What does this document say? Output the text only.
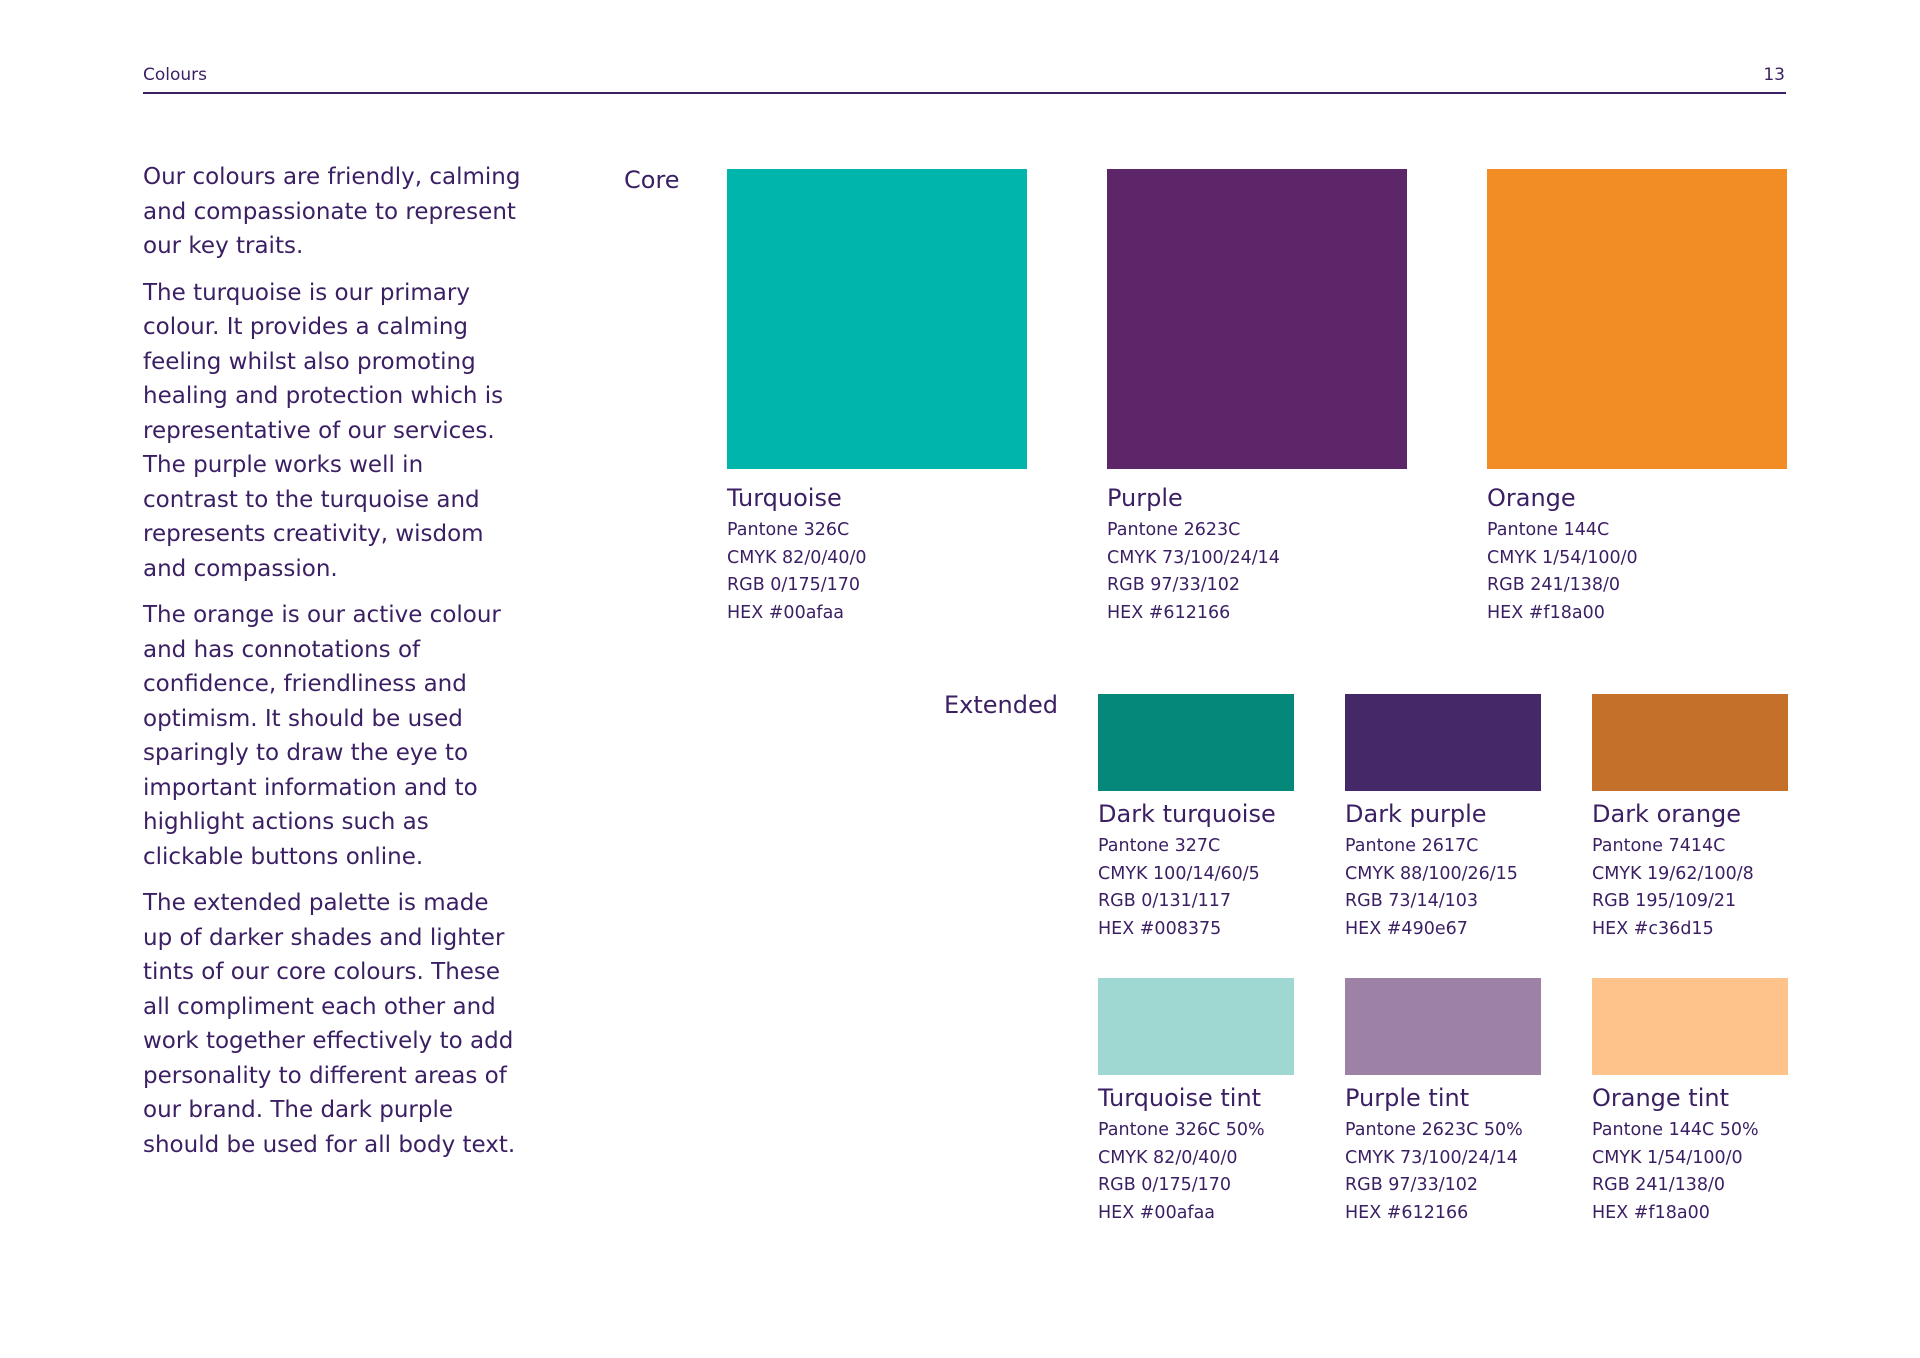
Colours	13

Our colours are friendly, calming and compassionate to represent our key traits.

The turquoise is our primary colour. It provides a calming feeling whilst also promoting healing and protection which is representative of our services. The purple works well in contrast to the turquoise and represents creativity, wisdom and compassion.

The orange is our active colour and has connotations of confidence, friendliness and optimism. It should be used sparingly to draw the eye to important information and to highlight actions such as clickable buttons online.

The extended palette is made up of darker shades and lighter tints of our core colours. These all compliment each other and work together effectively to add personality to different areas of our brand. The dark purple should be used for all body text.

Core
Extended
Turquoise
Pantone 326C
CMYK 82/0/40/0
RGB 0/175/170
HEX #00afaa
Purple
Pantone 2623C
CMYK 73/100/24/14
RGB 97/33/102
HEX #612166
Orange
Pantone 144C
CMYK 1/54/100/0
RGB 241/138/0
HEX #f18a00
Dark turquoise
Pantone 327C
CMYK 100/14/60/5
RGB 0/131/117
HEX #008375
Dark purple
Pantone 2617C
CMYK 88/100/26/15
RGB 73/14/103
HEX #490e67
Dark orange
Pantone 7414C
CMYK 19/62/100/8
RGB 195/109/21
HEX #c36d15
Turquoise tint
Pantone 326C 50%
CMYK 82/0/40/0
RGB 0/175/170
HEX #00afaa
Purple tint
Pantone 2623C 50%
CMYK 73/100/24/14
RGB 97/33/102
HEX #612166
Orange tint
Pantone 144C 50%
CMYK 1/54/100/0
RGB 241/138/0
HEX #f18a00
